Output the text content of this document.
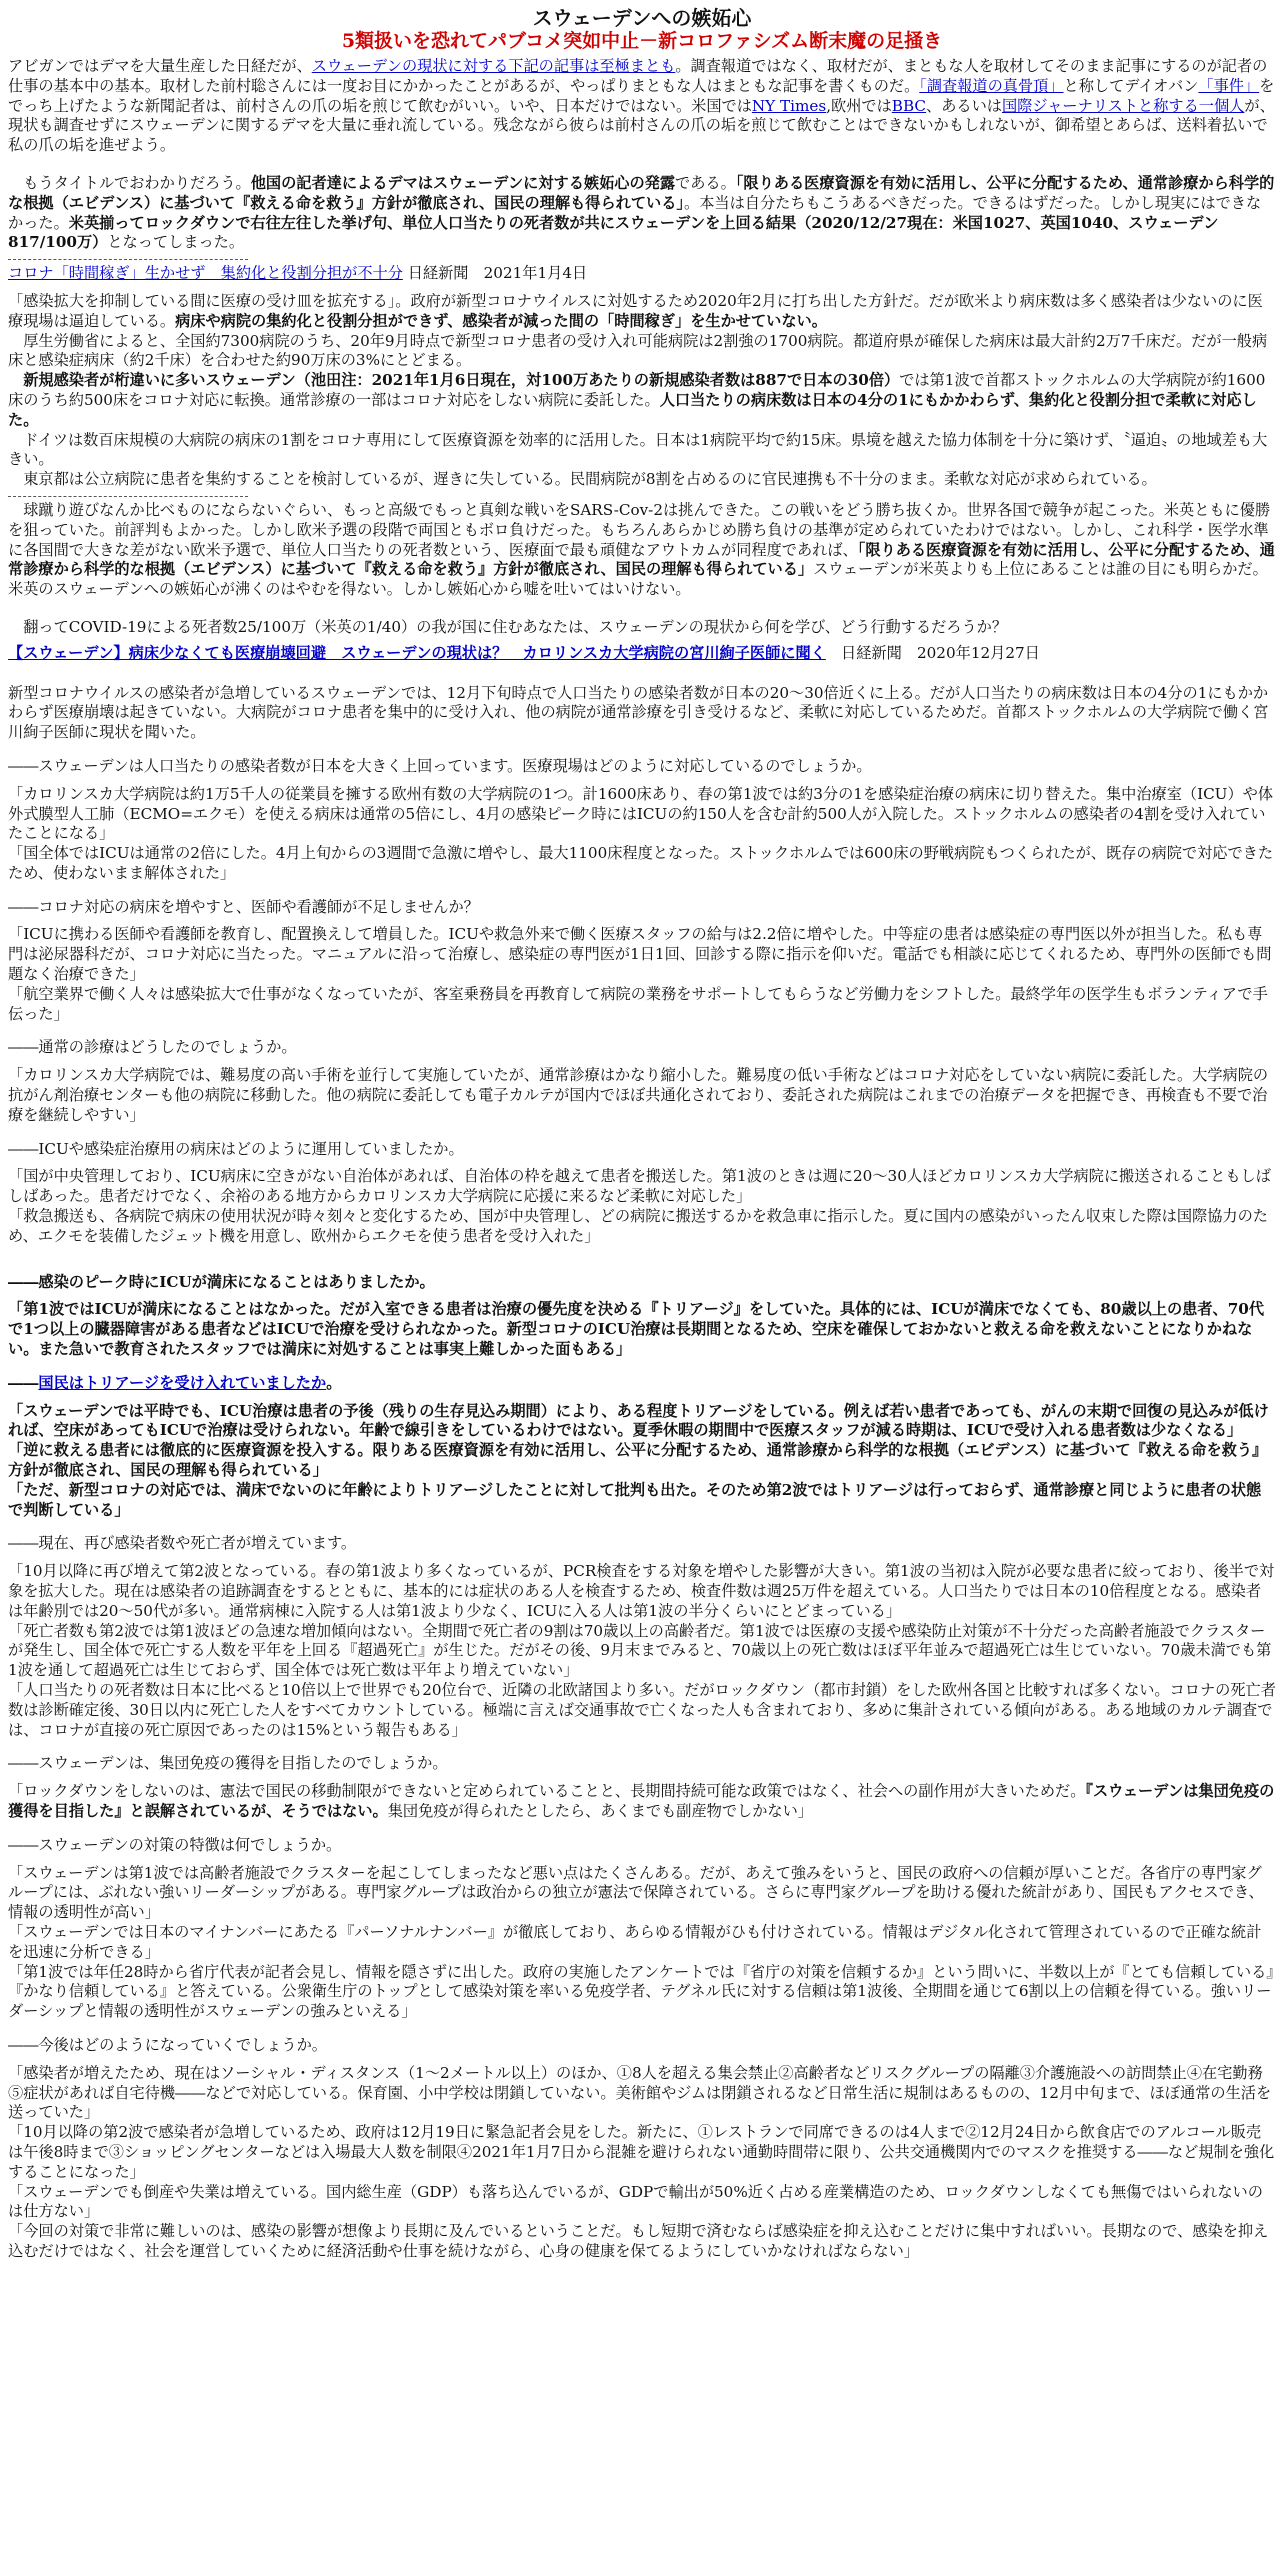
スウェーデンへの嫉妬心
5類扱いを恐れてパブコメ突如中止－新コロファシズム断末魔の足掻き

アビガンではデマを大量生産した日経だが、スウェーデンの現状に対する下記の記事は至極まとも。調査報道ではなく、取材だが、まともな人を取材してそのまま記事にするのが記者の仕事の基本中の基本。取材した前村聡さんには一度お目にかかったことがあるが、やっぱりまともな人はまともな記事を書くものだ。「調査報道の真骨頂」と称してデイオバン「事件」をでっち上げたような新聞記者は、前村さんの爪の垢を煎じて飲むがいい。いや、日本だけではない。米国ではNY Times,欧州ではBBC、あるいは国際ジャーナリストと称する一個人が、現状も調査せずにスウェーデンに関するデマを大量に垂れ流している。残念ながら彼らは前村さんの爪の垢を煎じて飲むことはできないかもしれないが、御希望とあらば、送料着払いで私の爪の垢を進ぜよう。

　もうタイトルでおわかりだろう。他国の記者達によるデマはスウェーデンに対する嫉妬心の発露である。「限りある医療資源を有効に活用し、公平に分配するため、通常診療から科学的な根拠（エビデンス）に基づいて『救える命を救う』方針が徹底され、国民の理解も得られている」。本当は自分たちもこうあるべきだった。できるはずだった。しかし現実にはできなかった。米英揃ってロックダウンで右往左往した挙げ句、単位人口当たりの死者数が共にスウェーデンを上回る結果（2020/12/27現在：米国1027、英国1040、スウェーデン817/100万）となってしまった。

コロナ「時間稼ぎ」生かせず　集約化と役割分担が不十分 日経新聞　2021年1月4日

「感染拡大を抑制している間に医療の受け皿を拡充する」。政府が新型コロナウイルスに対処するため2020年2月に打ち出した方針だ。だが欧米より病床数は多く感染者は少ないのに医療現場は逼迫している。病床や病院の集約化と役割分担ができず、感染者が減った間の「時間稼ぎ」を生かせていない。

　厚生労働省によると、全国約7300病院のうち、20年9月時点で新型コロナ患者の受け入れ可能病院は2割強の1700病院。都道府県が確保した病床は最大計約2万7千床だ。だが一般病床と感染症病床（約2千床）を合わせた約90万床の3%にとどまる。

　新規感染者が桁違いに多いスウェーデン（池田注：2021年1月6日現在，対100万あたりの新規感染者数は887で日本の30倍）では第1波で首都ストックホルムの大学病院が約1600床のうち約500床をコロナ対応に転換。通常診療の一部はコロナ対応をしない病院に委託した。人口当たりの病床数は日本の4分の1にもかかわらず、集約化と役割分担で柔軟に対応した。

　ドイツは数百床規模の大病院の病床の1割をコロナ専用にして医療資源を効率的に活用した。日本は1病院平均で約15床。県境を越えた協力体制を十分に築けず、〝逼迫〟の地域差も大きい。

　東京都は公立病院に患者を集約することを検討しているが、遅きに失している。民間病院が8割を占めるのに官民連携も不十分のまま。柔軟な対応が求められている。

　球蹴り遊びなんか比べものにならないぐらい、もっと高級でもっと真剣な戦いをSARS-Cov-2は挑んできた。この戦いをどう勝ち抜くか。世界各国で競争が起こった。米英ともに優勝を狙っていた。前評判もよかった。しかし欧米予選の段階で両国ともボロ負けだった。もちろんあらかじめ勝ち負けの基準が定められていたわけではない。しかし、これ科学・医学水準に各国間で大きな差がない欧米予選で、単位人口当たりの死者数という、医療面で最も頑健なアウトカムが同程度であれば、「限りある医療資源を有効に活用し、公平に分配するため、通常診療から科学的な根拠（エビデンス）に基づいて『救える命を救う』方針が徹底され、国民の理解も得られている」スウェーデンが米英よりも上位にあることは誰の目にも明らかだ。米英のスウェーデンへの嫉妬心が沸くのはやむを得ない。しかし嫉妬心から嘘を吐いてはいけない。

　翻ってCOVID-19による死者数25/100万（米英の1/40）の我が国に住むあなたは、スウェーデンの現状から何を学び、どう行動するだろうか？

【スウェーデン】病床少なくても医療崩壊回避　スウェーデンの現状は？　カロリンスカ大学病院の宮川絢子医師に聞く　 日経新聞　2020年12月27日

新型コロナウイルスの感染者が急増しているスウェーデンでは、12月下旬時点で人口当たりの感染者数が日本の20～30倍近くに上る。だが人口当たりの病床数は日本の4分の1にもかかわらず医療崩壊は起きていない。大病院がコロナ患者を集中的に受け入れ、他の病院が通常診療を引き受けるなど、柔軟に対応しているためだ。首都ストックホルムの大学病院で働く宮川絢子医師に現状を聞いた。

――スウェーデンは人口当たりの感染者数が日本を大きく上回っています。医療現場はどのように対応しているのでしょうか。

「カロリンスカ大学病院は約1万5千人の従業員を擁する欧州有数の大学病院の1つ。計1600床あり、春の第1波では約3分の1を感染症治療の病床に切り替えた。集中治療室（ICU）や体外式膜型人工肺（ECMO=エクモ）を使える病床は通常の5倍にし、4月の感染ピーク時にはICUの約150人を含む計約500人が入院した。ストックホルムの感染者の4割を受け入れていたことになる」

「国全体ではICUは通常の2倍にした。4月上旬からの3週間で急激に増やし、最大1100床程度となった。ストックホルムでは600床の野戦病院もつくられたが、既存の病院で対応できたため、使わないまま解体された」

――コロナ対応の病床を増やすと、医師や看護師が不足しませんか？

「ICUに携わる医師や看護師を教育し、配置換えして増員した。ICUや救急外来で働く医療スタッフの給与は2.2倍に増やした。中等症の患者は感染症の専門医以外が担当した。私も専門は泌尿器科だが、コロナ対応に当たった。マニュアルに沿って治療し、感染症の専門医が1日1回、回診する際に指示を仰いだ。電話でも相談に応じてくれるため、専門外の医師でも問題なく治療できた」

「航空業界で働く人々は感染拡大で仕事がなくなっていたが、客室乗務員を再教育して病院の業務をサポートしてもらうなど労働力をシフトした。最終学年の医学生もボランティアで手伝った」

――通常の診療はどうしたのでしょうか。

「カロリンスカ大学病院では、難易度の高い手術を並行して実施していたが、通常診療はかなり縮小した。難易度の低い手術などはコロナ対応をしていない病院に委託した。大学病院の抗がん剤治療センターも他の病院に移動した。他の病院に委託しても電子カルテが国内でほぼ共通化されており、委託された病院はこれまでの治療データを把握でき、再検査も不要で治療を継続しやすい」

――ICUや感染症治療用の病床はどのように運用していましたか。

「国が中央管理しており、ICU病床に空きがない自治体があれば、自治体の枠を越えて患者を搬送した。第1波のときは週に20～30人ほどカロリンスカ大学病院に搬送されることもしばしばあった。患者だけでなく、余裕のある地方からカロリンスカ大学病院に応援に来るなど柔軟に対応した」

「救急搬送も、各病院で病床の使用状況が時々刻々と変化するため、国が中央管理し、どの病院に搬送するかを救急車に指示した。夏に国内の感染がいったん収束した際は国際協力のため、エクモを装備したジェット機を用意し、欧州からエクモを使う患者を受け入れた」

――感染のピーク時にICUが満床になることはありましたか。

「第1波ではICUが満床になることはなかった。だが入室できる患者は治療の優先度を決める『トリアージ』をしていた。具体的には、ICUが満床でなくても、80歳以上の患者、70代で1つ以上の臓器障害がある患者などはICUで治療を受けられなかった。新型コロナのICU治療は長期間となるため、空床を確保しておかないと救える命を救えないことになりかねない。また急いで教育されたスタッフでは満床に対処することは事実上難しかった面もある」

――国民はトリアージを受け入れていましたか。

「スウェーデンでは平時でも、ICU治療は患者の予後（残りの生存見込み期間）により、ある程度トリアージをしている。例えば若い患者であっても、がんの末期で回復の見込みが低ければ、空床があってもICUで治療は受けられない。年齢で線引きをしているわけではない。夏季休暇の期間中で医療スタッフが減る時期は、ICUで受け入れる患者数は少なくなる」

「逆に救える患者には徹底的に医療資源を投入する。限りある医療資源を有効に活用し、公平に分配するため、通常診療から科学的な根拠（エビデンス）に基づいて『救える命を救う』方針が徹底され、国民の理解も得られている」

「ただ、新型コロナの対応では、満床でないのに年齢によりトリアージしたことに対して批判も出た。そのため第2波ではトリアージは行っておらず、通常診療と同じように患者の状態で判断している」

――現在、再び感染者数や死亡者が増えています。

「10月以降に再び増えて第2波となっている。春の第1波より多くなっているが、PCR検査をする対象を増やした影響が大きい。第1波の当初は入院が必要な患者に絞っており、後半で対象を拡大した。現在は感染者の追跡調査をするとともに、基本的には症状のある人を検査するため、検査件数は週25万件を超えている。人口当たりでは日本の10倍程度となる。感染者は年齢別では20～50代が多い。通常病棟に入院する人は第1波より少なく、ICUに入る人は第1波の半分くらいにとどまっている」

「死亡者数も第2波では第1波ほどの急速な増加傾向はない。全期間で死亡者の9割は70歳以上の高齢者だ。第1波では医療の支援や感染防止対策が不十分だった高齢者施設でクラスターが発生し、国全体で死亡する人数を平年を上回る『超過死亡』が生じた。だがその後、9月末までみると、70歳以上の死亡数はほぼ平年並みで超過死亡は生じていない。70歳未満でも第1波を通して超過死亡は生じておらず、国全体では死亡数は平年より増えていない」

「人口当たりの死者数は日本に比べると10倍以上で世界でも20位台で、近隣の北欧諸国より多い。だがロックダウン（都市封鎖）をした欧州各国と比較すれば多くない。コロナの死亡者数は診断確定後、30日以内に死亡した人をすべてカウントしている。極端に言えば交通事故で亡くなった人も含まれており、多めに集計されている傾向がある。ある地域のカルテ調査では、コロナが直接の死亡原因であったのは15%という報告もある」

――スウェーデンは、集団免疫の獲得を目指したのでしょうか。

「ロックダウンをしないのは、憲法で国民の移動制限ができないと定められていることと、長期間持続可能な政策ではなく、社会への副作用が大きいためだ。『スウェーデンは集団免疫の獲得を目指した』と誤解されているが、そうではない。集団免疫が得られたとしたら、あくまでも副産物でしかない」

――スウェーデンの対策の特徴は何でしょうか。

「スウェーデンは第1波では高齢者施設でクラスターを起こしてしまったなど悪い点はたくさんある。だが、あえて強みをいうと、国民の政府への信頼が厚いことだ。各省庁の専門家グループには、ぶれない強いリーダーシップがある。専門家グループは政治からの独立が憲法で保障されている。さらに専門家グループを助ける優れた統計があり、国民もアクセスでき、情報の透明性が高い」

「スウェーデンでは日本のマイナンバーにあたる『パーソナルナンバー』が徹底しており、あらゆる情報がひも付けされている。情報はデジタル化されて管理されているので正確な統計を迅速に分析できる」

「第1波では年任28時から省庁代表が記者会見し、情報を隠さずに出した。政府の実施したアンケートでは『省庁の対策を信頼するか』という問いに、半数以上が『とても信頼している』『かなり信頼している』と答えている。公衆衛生庁のトップとして感染対策を率いる免疫学者、テグネル氏に対する信頼は第1波後、全期間を通じて6割以上の信頼を得ている。強いリーダーシップと情報の透明性がスウェーデンの強みといえる」

――今後はどのようになっていくでしょうか。

「感染者が増えたため、現在はソーシャル・ディスタンス（1～2メートル以上）のほか、①8人を超える集会禁止②高齢者などリスクグループの隔離③介護施設への訪問禁止④在宅勤務⑤症状があれば自宅待機――などで対応している。保育園、小中学校は閉鎖していない。美術館やジムは閉鎖されるなど日常生活に規制はあるものの、12月中旬まで、ほぼ通常の生活を送っていた」

「10月以降の第2波で感染者が急増しているため、政府は12月19日に緊急記者会見をした。新たに、①レストランで同席できるのは4人まで②12月24日から飲食店でのアルコール販売は午後8時まで③ショッピングセンターなどは入場最大人数を制限④2021年1月7日から混雑を避けられない通勤時間帯に限り、公共交通機関内でのマスクを推奨する――など規制を強化することになった」

「スウェーデンでも倒産や失業は増えている。国内総生産（GDP）も落ち込んでいるが、GDPで輸出が50%近く占める産業構造のため、ロックダウンしなくても無傷ではいられないのは仕方ない」

「今回の対策で非常に難しいのは、感染の影響が想像より長期に及んでいるということだ。もし短期で済むならば感染症を抑え込むことだけに集中すればいい。長期なので、感染を抑え込むだけではなく、社会を運営していくために経済活動や仕事を続けながら、心身の健康を保てるようにしていかなければならない」
